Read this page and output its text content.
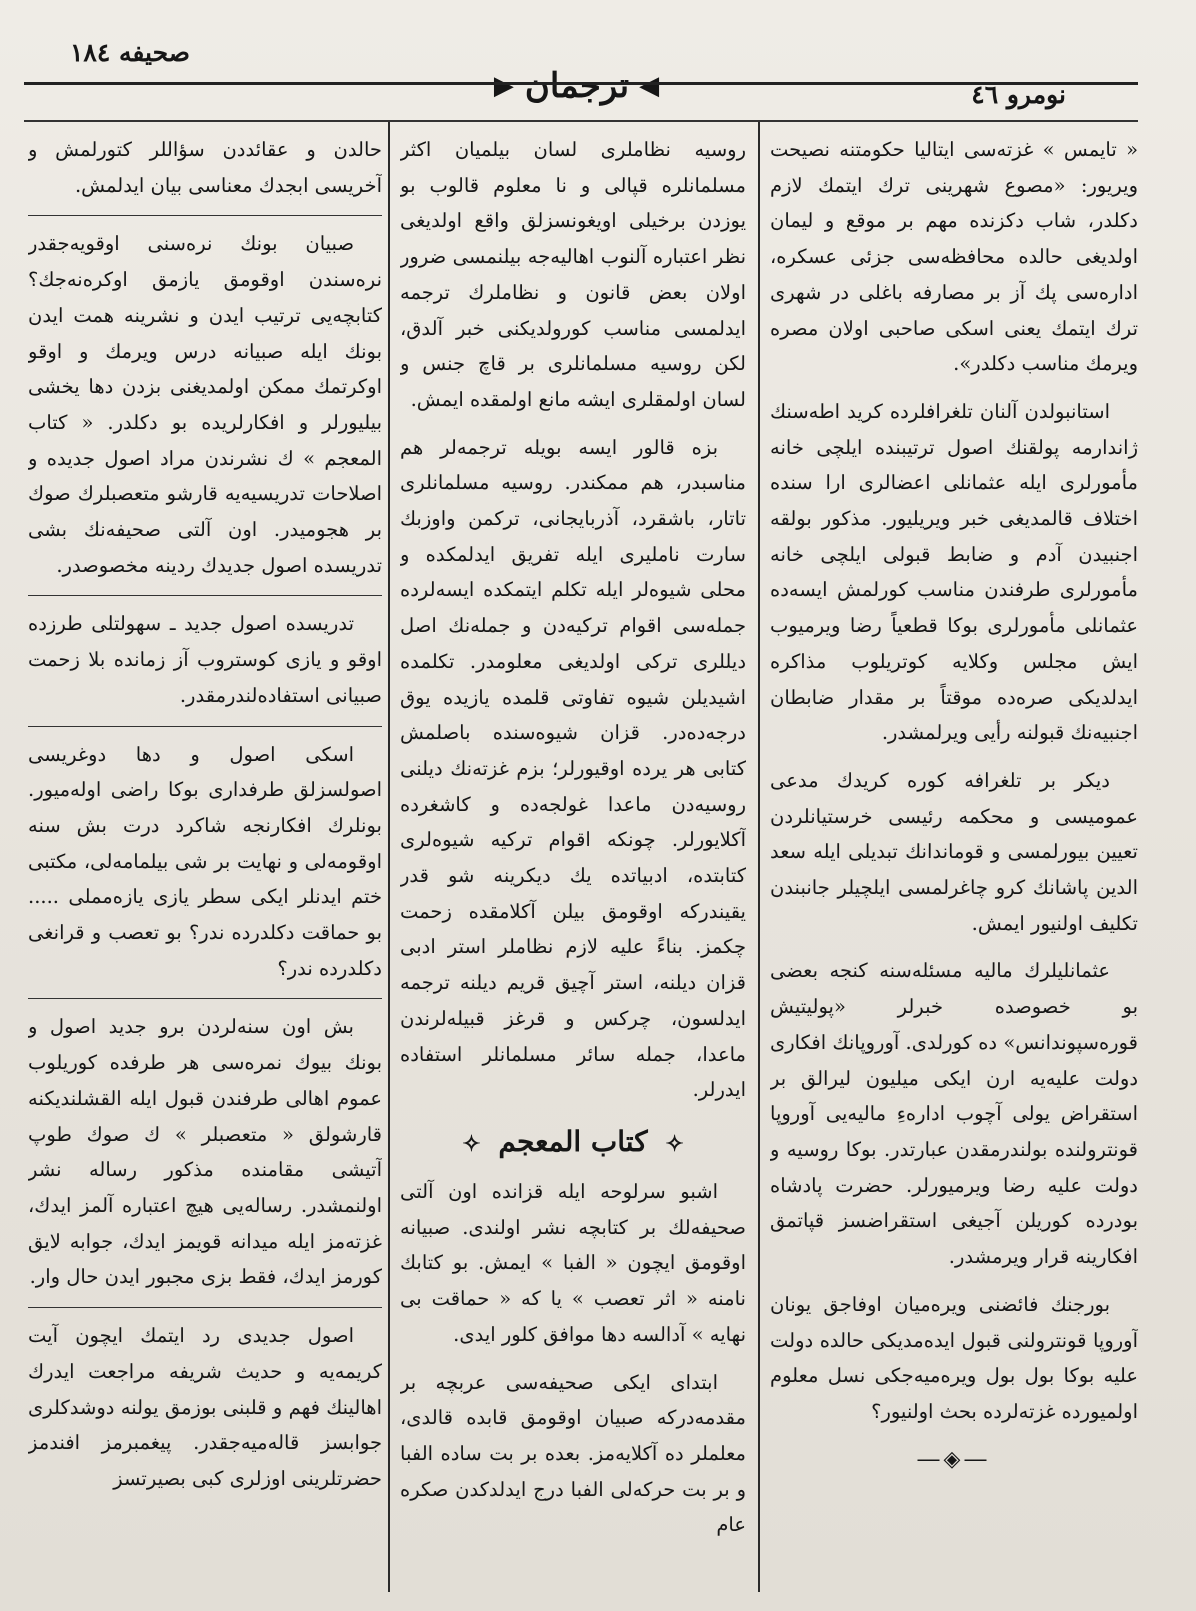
نومرو ٤٦
◀
ترجمان
▶
صحيفه ١٨٤

« تايمس » غزته‌سی ايتاليا حکومتنه نصيحت ويريور: «مصوع شهرينی ترك ايتمك لازم دكلدر، شاب دكزنده مهم بر موقع و ليمان اولديغی حالده محافظه‌سی جزئی عسكره، اداره‌سی پك آز بر مصارفه باغلی در شهری ترك ايتمك يعنی اسكی صاحبی اولان مصره ويرمك مناسب دكلدر».

استانبولدن آلنان تلغرافلرده كريد اطه‌سنك ژاندارمه پولقنك اصول ترتيبنده ايلچی خانه مأمورلری ايله عثمانلی اعضالری ارا سنده اختلاف قالمديغی خبر ويريليور. مذكور بولقه اجنبيدن آدم و ضابط قبولی ايلچی خانه مأمورلری طرفندن مناسب كورلمش ايسه‌ده عثمانلی مأمورلری بوكا قطعياً رضا ويرميوب ايش مجلس وكلايه كوتريلوب مذاكره ايدلديكی صره‌ده موقتاً بر مقدار ضابطان اجنبيه‌نك قبولنه رأيی ويرلمشدر.

ديكر بر تلغرافه كوره كريدك مدعی عموميسی و محكمه رئيسی خرستيانلردن تعيين بيورلمسی و قوماندانك تبديلی ايله سعد الدين پاشانك كرو چاغرلمسی ايلچيلر جانبندن تكليف اولنيور ايمش.

عثمانليلرك ماليه مسئله‌سنه كنجه بعضی بو خصوصده خبرلر «پوليتيش قوره‌سپوندانس» ده كورلدی. آوروپانك افكاری دولت عليه‌يه ارن ايكی ميليون ليرالق بر استقراض يولی آچوب اداره‌ءِ ماليه‌يی آوروپا قونترولنده بولندرمقدن عبارتدر. بوكا روسيه و دولت عليه رضا ويرميورلر. حضرت پادشاه بودرده كوريلن آجيغی استقراضسز قپاتمق افكارينه قرار ويرمشدر.

بورجنك فائضنی ويره‌ميان اوفاجق يونان آوروپا قونترولنی قبول ايده‌مديكی حالده دولت عليه بوكا بول بول ويره‌ميه‌جكی نسل معلوم اولميورده غزته‌لرده بحث اولنيور؟

―◈―

روسيه نظاملری لسان بيلميان اكثر مسلمانلره قپالی و نا معلوم قالوب بو يوزدن برخيلی اويغونسزلق واقع اولديغی نظر اعتباره آلنوب اهاليه‌جه بيلنمسی ضرور اولان بعض قانون و نظاملرك ترجمه ايدلمسی مناسب كورولديكنی خبر آلدق، لكن روسيه مسلمانلری بر قاچ جنس و لسان اولمقلری ايشه مانع اولمقده ايمش.

بزه قالور ايسه بويله ترجمه‌لر هم مناسبدر، هم ممكندر. روسيه مسلمانلری تاتار، باشقرد، آذربايجانی، تركمن واوزبك سارت نامليری ايله تفريق ايدلمكده و محلی شيوه‌لر ايله تكلم ايتمكده ايسه‌لرده جمله‌سی اقوام تركيه‌دن و جمله‌نك اصل ديللری تركی اولدیغی معلومدر. تكلمده اشيدیلن شيوه تفاوتی قلمده يازيده يوق درجه‌ده‌در. قزان شيوه‌سنده باصلمش كتابی هر يرده اوقيورلر؛ بزم غزته‌نك ديلنی روسيه‌دن ماعدا غولجه‌ده و كاشغرده آكلايورلر. چونكه اقوام تركيه شيوه‌لری كتابتده، ادبياتده يك ديكرينه شو قدر يقيندركه اوقومق بيلن آكلامقده زحمت چكمز. بناءً عليه لازم نظاملر استر ادبی قزان ديلنه، استر آچيق قريم ديلنه ترجمه ايدلسون، چركس و قرغز قبيله‌لرندن ماعدا، جمله سائر مسلمانلر استفاده ايدرلر.

✧ كتاب المعجم ✧

اشبو سرلوحه ايله قزانده اون آلتی صحيفه‌لك بر كتابچه نشر اولندی. صبيانه اوقومق ايچون « الفبا » ايمش. بو كتابك نامنه « اثر تعصب » يا كه « حماقت بی نهايه » آدالسه دها موافق كلور ايدی.

ابتدای ايكی صحيفه‌سی عربچه بر مقدمه‌دركه صبيان اوقومق قابده قالدی، معلملر ده آكلايه‌مز. بعده بر بت ساده الفبا و بر بت حركه‌لی الفبا درج ايدلدكدن صكره عام

حالدن و عقائددن سؤاللر كتورلمش و آخريسی ابجدك معناسی بيان ايدلمش.

صبيان بونك نره‌سنی اوقويه‌جقدر نره‌سندن اوقومق يازمق اوكره‌نه‌جك؟ كتابچه‌يی ترتيب ايدن و نشرينه همت ايدن بونك ايله صبيانه درس ويرمك و اوقو اوكرتمك ممكن اولمديغنی بزدن دها يخشی بيليورلر و افكارلريده بو دكلدر. « كتاب المعجم » ك نشرندن مراد اصول جديده و اصلاحات تدريسيه‌يه قارشو متعصبلرك صوك بر هجوميدر. اون آلتی صحيفه‌نك بشی تدريسده اصول جديدك ردينه مخصوصدر.

تدريسده اصول جديد ـ سهولتلی طرزده اوقو و يازی كوستروب آز زمانده بلا زحمت صبيانی استفاده‌لندرمقدر.

اسكی اصول و دها دوغريسی اصولسزلق طرفداری بوكا راضی اوله‌ميور. بونلرك افكارنجه شاكرد درت بش سنه اوقومه‌لی و نهايت بر شی بيلمامه‌لی، مكتبی ختم ايدنلر ايكی سطر يازی يازه‌مملی ..... بو حماقت دكلدرده ندر؟ بو تعصب و قرانغی دكلدرده ندر؟

بش اون سنه‌لردن برو جديد اصول و بونك بيوك نمره‌سی هر طرفده كوريلوب عموم اهالی طرفندن قبول ايله القشلنديكنه قارشولق « متعصبلر » ك صوك طوپ آتيشی مقامنده مذكور رساله نشر اولنمشدر. رساله‌يی هيچ اعتباره آلمز ايدك، غزته‌مز ايله ميدانه قويمز ايدك، جوابه لايق كورمز ايدك، فقط بزی مجبور ايدن حال وار.

اصول جديدی رد ايتمك ايچون آيت كريمه‌يه و حديث شريفه مراجعت ايدرك اهالينك فهم و قلبنی بوزمق يولنه دوشدكلری جوابسز قاله‌ميه‌جقدر. پيغمبرمز افندمز حضرتلرينی اوزلری كبی بصيرتسز
